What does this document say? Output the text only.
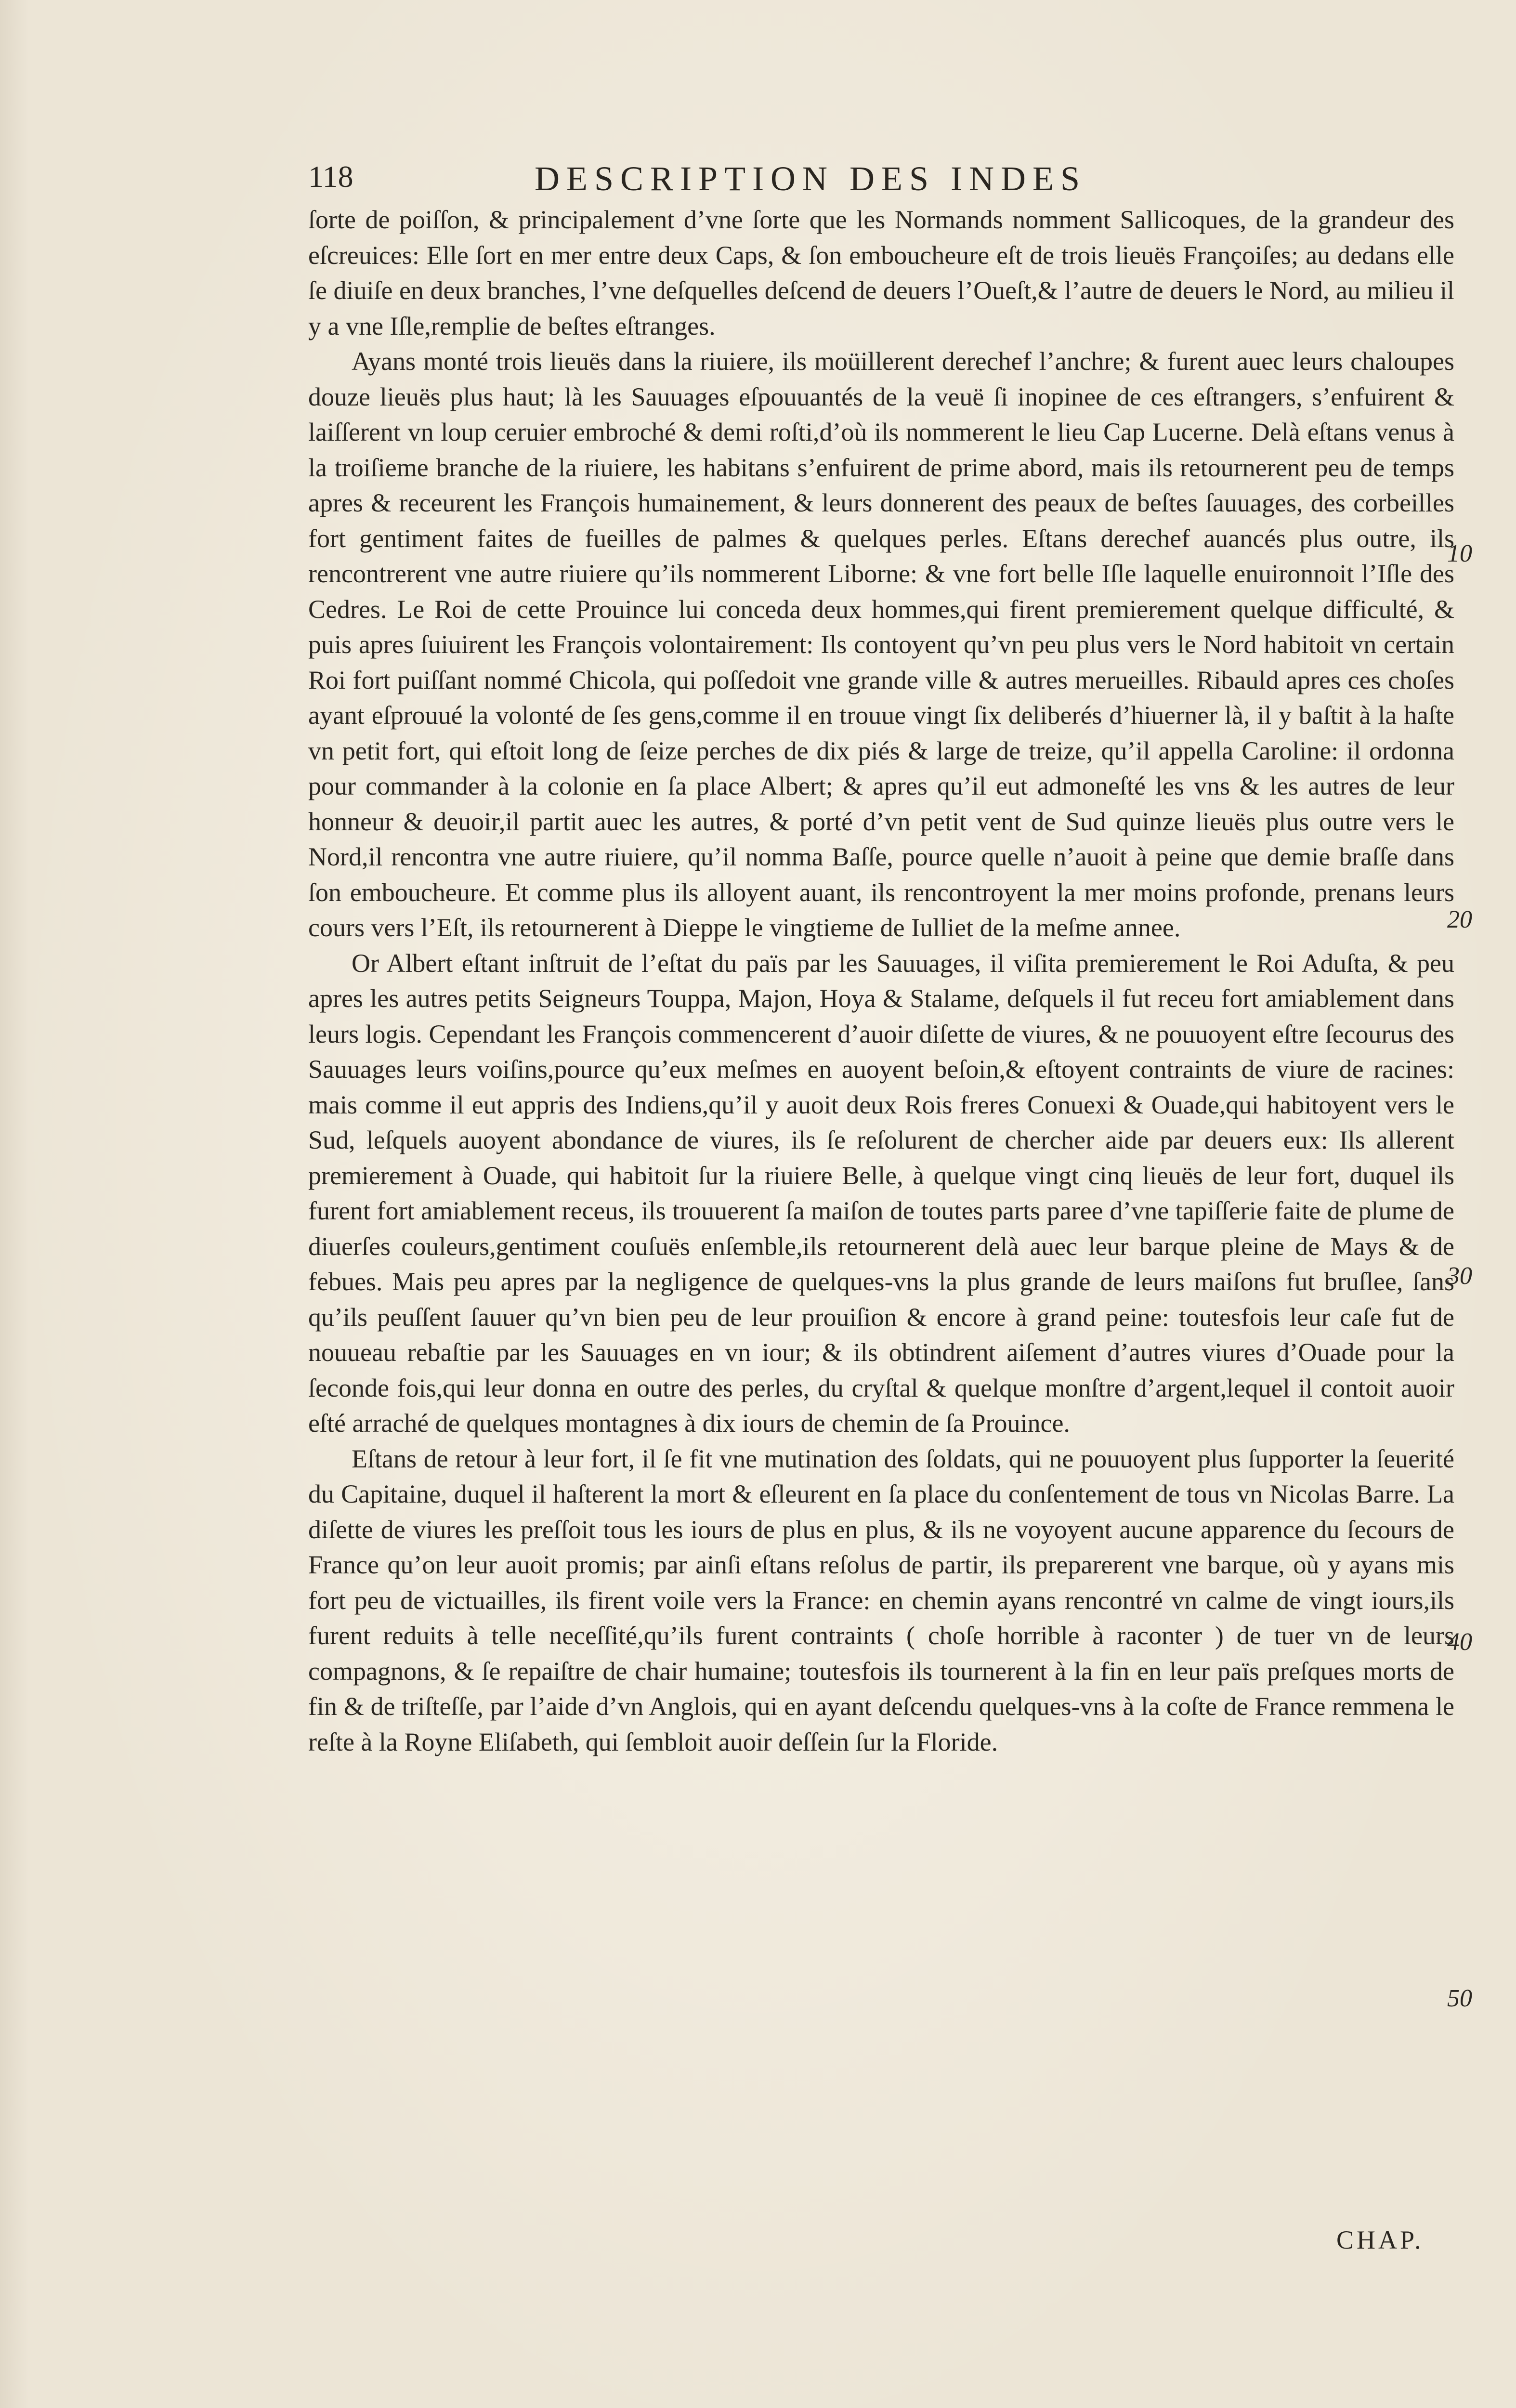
118	DESCRIPTION DES INDES

ſorte de poiſſon, & principalement d’vne ſorte que les Normands nomment Sallicoques, de la grandeur des eſcreuices: Elle ſort en mer entre deux Caps, & ſon emboucheure eſt de trois lieuës Françoiſes; au dedans elle ſe diuiſe en deux branches, l’vne deſquelles deſcend de deuers l’Oueſt,& l’autre de deuers le Nord, au milieu il y a vne Iſle,remplie de beſtes eſtranges.

Ayans monté trois lieuës dans la riuiere, ils moüillerent derechef l’anchre; & furent auec leurs chaloupes douze lieuës plus haut; là les Sauuages eſpouuantés de la veuë ſi inopinee de ces eſtrangers, s’enfuirent & laiſſerent vn loup ceruier embroché & demi roſti,d’où ils nommerent le lieu Cap Lucerne. Delà eſtans venus à la troiſieme branche de la riuiere, les habitans s’enfuirent de prime abord, mais ils retournerent peu de temps apres & receurent les François humainement, & leurs donnerent des peaux de beſtes ſauuages, des corbeilles fort gentiment faites de fueilles de palmes & quelques perles. Eſtans derechef auancés plus outre, ils rencontrerent vne autre riuiere qu’ils nommerent Liborne: & vne fort belle Iſle laquelle enuironnoit l’Iſle des Cedres. Le Roi de cette Prouince lui conceda deux hommes,qui firent premierement quelque difficulté, & puis apres ſuiuirent les François volontairement: Ils contoyent qu’vn peu plus vers le Nord habitoit vn certain Roi fort puiſſant nommé Chicola, qui poſſedoit vne grande ville & autres merueilles. Ribauld apres ces choſes ayant eſprouué la volonté de ſes gens,comme il en trouue vingt ſix deliberés d’hiuerner là, il y baſtit à la haſte vn petit fort, qui eſtoit long de ſeize perches de dix piés & large de treize, qu’il appella Caroline: il ordonna pour commander à la colonie en ſa place Albert; & apres qu’il eut admoneſté les vns & les autres de leur honneur & deuoir,il partit auec les autres, & porté d’vn petit vent de Sud quinze lieuës plus outre vers le Nord,il rencontra vne autre riuiere, qu’il nomma Baſſe, pource quelle n’auoit à peine que demie braſſe dans ſon emboucheure. Et comme plus ils alloyent auant, ils rencontroyent la mer moins profonde, prenans leurs cours vers l’Eſt, ils retournerent à Dieppe le vingtieme de Iulliet de la meſme annee.

Or Albert eſtant inſtruit de l’eſtat du païs par les Sauuages, il viſita premierement le Roi Aduſta, & peu apres les autres petits Seigneurs Touppa, Majon, Hoya & Stalame, deſquels il fut receu fort amiablement dans leurs logis. Cependant les François commencerent d’auoir diſette de viures, & ne pouuoyent eſtre ſecourus des Sauuages leurs voiſins,pource qu’eux meſmes en auoyent beſoin,& eſtoyent contraints de viure de racines: mais comme il eut appris des Indiens,qu’il y auoit deux Rois freres Conuexi & Ouade,qui habitoyent vers le Sud, leſquels auoyent abondance de viures, ils ſe reſolurent de chercher aide par deuers eux: Ils allerent premierement à Ouade, qui habitoit ſur la riuiere Belle, à quelque vingt cinq lieuës de leur fort, duquel ils furent fort amiablement receus, ils trouuerent ſa maiſon de toutes parts paree d’vne tapiſſerie faite de plume de diuerſes couleurs,gentiment couſuës enſemble,ils retournerent delà auec leur barque pleine de Mays & de febues. Mais peu apres par la negligence de quelques-vns la plus grande de leurs maiſons fut bruſlee, ſans qu’ils peuſſent ſauuer qu’vn bien peu de leur prouiſion & encore à grand peine: toutesfois leur caſe fut de nouueau rebaſtie par les Sauuages en vn iour; & ils obtindrent aiſement d’autres viures d’Ouade pour la ſeconde fois,qui leur donna en outre des perles, du cryſtal & quelque monſtre d’argent,lequel il contoit auoir eſté arraché de quelques montagnes à dix iours de chemin de ſa Prouince.

Eſtans de retour à leur fort, il ſe fit vne mutination des ſoldats, qui ne pouuoyent plus ſupporter la ſeuerité du Capitaine, duquel il haſterent la mort & eſleurent en ſa place du conſentement de tous vn Nicolas Barre. La diſette de viures les preſſoit tous les iours de plus en plus, & ils ne voyoyent aucune apparence du ſecours de France qu’on leur auoit promis; par ainſi eſtans reſolus de partir, ils preparerent vne barque, où y ayans mis fort peu de victuailles, ils firent voile vers la France: en chemin ayans rencontré vn calme de vingt iours,ils furent reduits à telle neceſſité,qu’ils furent contraints ( choſe horrible à raconter ) de tuer vn de leurs compagnons, & ſe repaiſtre de chair humaine; toutesfois ils tournerent à la fin en leur païs preſques morts de fin & de triſteſſe, par l’aide d’vn Anglois, qui en ayant deſcendu quelques-vns à la coſte de France remmena le reſte à la Royne Eliſabeth, qui ſembloit auoir deſſein ſur la Floride.

10
20
30
40
50
CHAP.
